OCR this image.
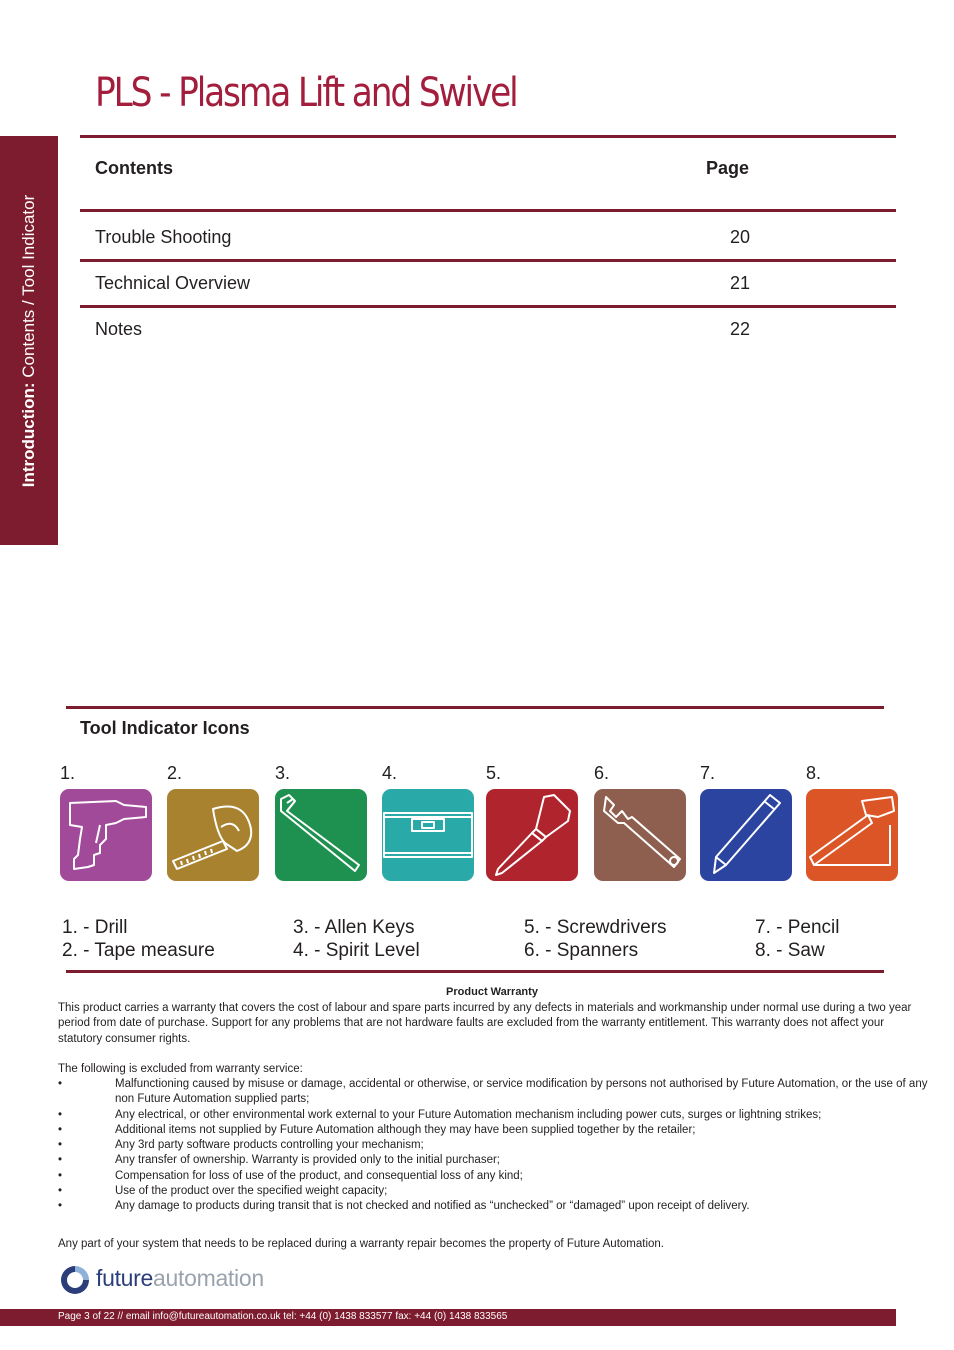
PLS - Plasma Lift and Swivel
Introduction: Contents / Tool Indicator
Contents	Page
Trouble Shooting	20
Technical Overview	21
Notes	22
Tool Indicator Icons
1.	2.	3.	4.	5.	6.	7.	8.
1. - Drill
2. - Tape measure
3. - Allen Keys
4. - Spirit Level
5. - Screwdrivers
6. - Spanners
7. - Pencil
8. - Saw
Product Warranty
This product carries a warranty that covers the cost of labour and spare parts incurred by any defects in materials and workmanship under normal use during a two year period from date of purchase. Support for any problems that are not hardware faults are excluded from the warranty entitlement. This warranty does not affect your statutory consumer rights.
The following is excluded from warranty service:
•	Malfunctioning caused by misuse or damage, accidental or otherwise, or service modification by persons not authorised by Future Automation, or the use of any non Future Automation supplied parts;
•	Any electrical, or other environmental work external to your Future Automation mechanism including power cuts, surges or lightning strikes;
•	Additional items not supplied by Future Automation although they may have been supplied together by the retailer;
•	Any 3rd party software products controlling your mechanism;
•	Any transfer of ownership. Warranty is provided only to the initial purchaser;
•	Compensation for loss of use of the product, and consequential loss of any kind;
•	Use of the product over the specified weight capacity;
•	Any damage to products during transit that is not checked and notified as “unchecked” or “damaged” upon receipt of delivery.
Any part of your system that needs to be replaced during a warranty repair becomes the property of Future Automation.
futureautomation
Page 3 of 22 // email info@futureautomation.co.uk tel: +44 (0) 1438 833577 fax: +44 (0) 1438 833565
